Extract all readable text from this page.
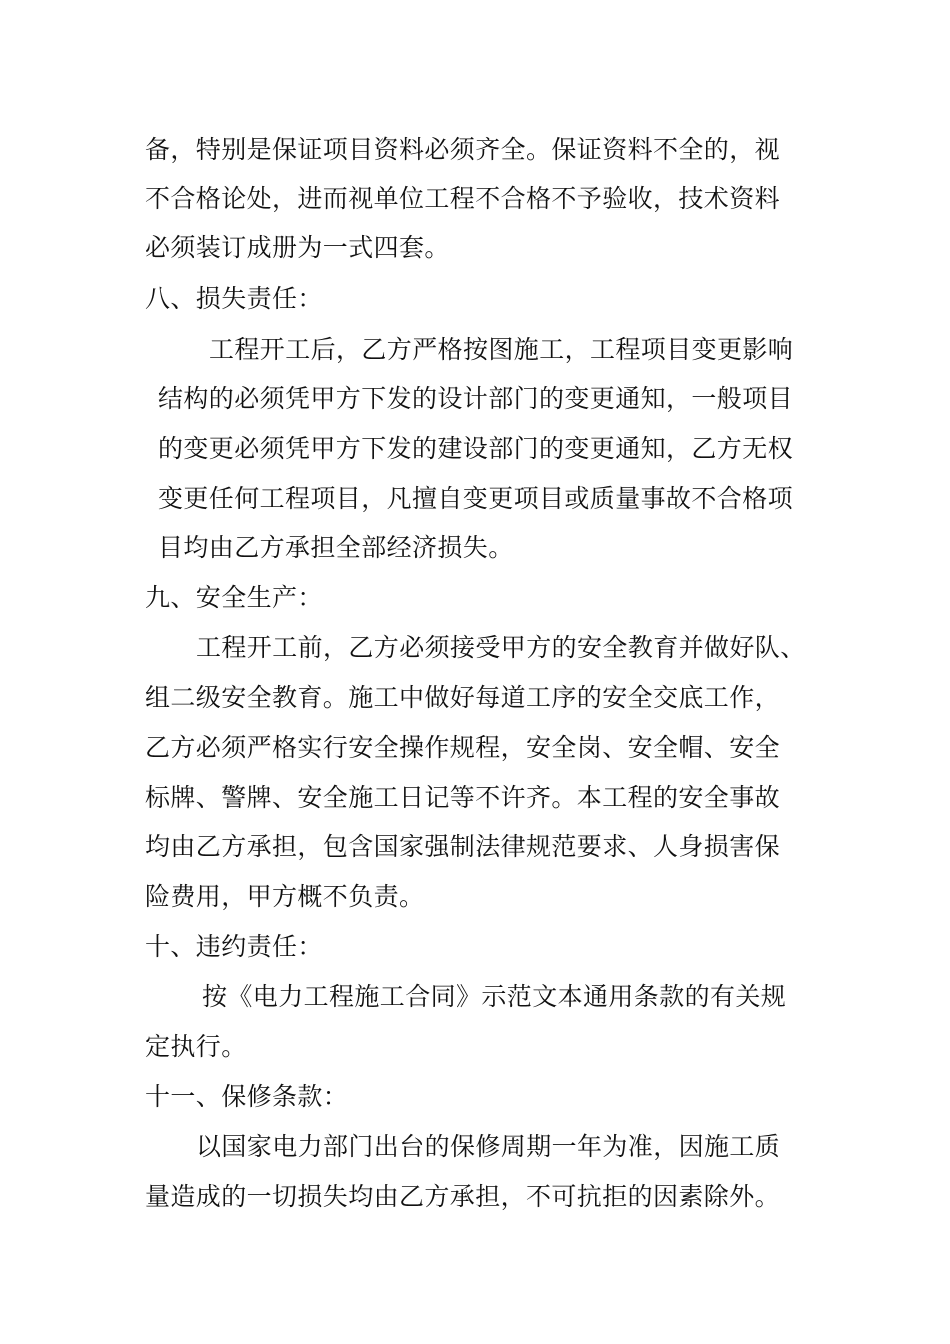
备，特别是保证项目资料必须齐全。保证资料不全的，视
不合格论处，进而视单位工程不合格不予验收，技术资料
必须装订成册为一式四套。
八、损失责任：
工程开工后，乙方严格按图施工，工程项目变更影响
结构的必须凭甲方下发的设计部门的变更通知，一般项目
的变更必须凭甲方下发的建设部门的变更通知，乙方无权
变更任何工程项目，凡擅自变更项目或质量事故不合格项
目均由乙方承担全部经济损失。
九、安全生产：
工程开工前，乙方必须接受甲方的安全教育并做好队、
组二级安全教育。施工中做好每道工序的安全交底工作，
乙方必须严格实行安全操作规程，安全岗、安全帽、安全
标牌、警牌、安全施工日记等不许齐。本工程的安全事故
均由乙方承担，包含国家强制法律规范要求、人身损害保
险费用，甲方概不负责。
十、违约责任：
按《电力工程施工合同》示范文本通用条款的有关规
定执行。
十一、保修条款：
以国家电力部门出台的保修周期一年为准，因施工质
量造成的一切损失均由乙方承担，不可抗拒的因素除外。
